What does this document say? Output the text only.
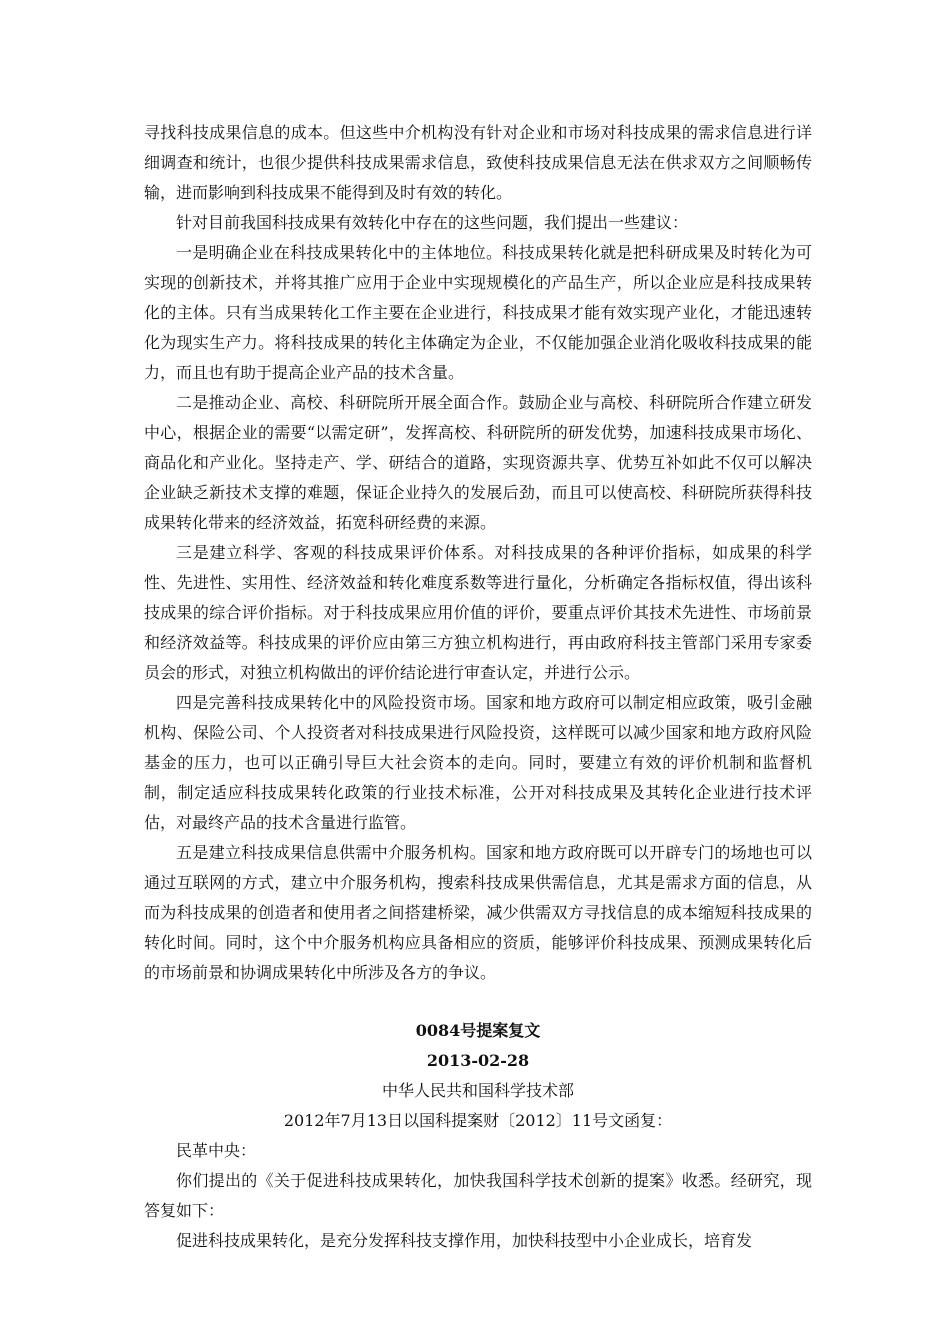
寻找科技成果信息的成本。但这些中介机构没有针对企业和市场对科技成果的需求信息进行详细调查和统计，也很少提供科技成果需求信息，致使科技成果信息无法在供求双方之间顺畅传输，进而影响到科技成果不能得到及时有效的转化。

针对目前我国科技成果有效转化中存在的这些问题，我们提出一些建议：

一是明确企业在科技成果转化中的主体地位。科技成果转化就是把科研成果及时转化为可实现的创新技术，并将其推广应用于企业中实现规模化的产品生产，所以企业应是科技成果转化的主体。只有当成果转化工作主要在企业进行，科技成果才能有效实现产业化，才能迅速转化为现实生产力。将科技成果的转化主体确定为企业，不仅能加强企业消化吸收科技成果的能力，而且也有助于提高企业产品的技术含量。

二是推动企业、高校、科研院所开展全面合作。鼓励企业与高校、科研院所合作建立研发中心，根据企业的需要“以需定研”，发挥高校、科研院所的研发优势，加速科技成果市场化、商品化和产业化。坚持走产、学、研结合的道路，实现资源共享、优势互补如此不仅可以解决企业缺乏新技术支撑的难题，保证企业持久的发展后劲，而且可以使高校、科研院所获得科技成果转化带来的经济效益，拓宽科研经费的来源。

三是建立科学、客观的科技成果评价体系。对科技成果的各种评价指标，如成果的科学性、先进性、实用性、经济效益和转化难度系数等进行量化，分析确定各指标权值，得出该科技成果的综合评价指标。对于科技成果应用价值的评价，要重点评价其技术先进性、市场前景和经济效益等。科技成果的评价应由第三方独立机构进行，再由政府科技主管部门采用专家委员会的形式，对独立机构做出的评价结论进行审查认定，并进行公示。

四是完善科技成果转化中的风险投资市场。国家和地方政府可以制定相应政策，吸引金融机构、保险公司、个人投资者对科技成果进行风险投资，这样既可以减少国家和地方政府风险基金的压力，也可以正确引导巨大社会资本的走向。同时，要建立有效的评价机制和监督机制，制定适应科技成果转化政策的行业技术标准，公开对科技成果及其转化企业进行技术评估，对最终产品的技术含量进行监管。

五是建立科技成果信息供需中介服务机构。国家和地方政府既可以开辟专门的场地也可以通过互联网的方式，建立中介服务机构，搜索科技成果供需信息，尤其是需求方面的信息，从而为科技成果的创造者和使用者之间搭建桥梁，减少供需双方寻找信息的成本缩短科技成果的转化时间。同时，这个中介服务机构应具备相应的资质，能够评价科技成果、预测成果转化后的市场前景和协调成果转化中所涉及各方的争议。

0084号提案复文

2013-02-28

中华人民共和国科学技术部

2012年7月13日以国科提案财〔2012〕11号文函复：

民革中央：

你们提出的《关于促进科技成果转化，加快我国科学技术创新的提案》收悉。经研究，现答复如下：

促进科技成果转化，是充分发挥科技支撑作用，加快科技型中小企业成长，培育发
